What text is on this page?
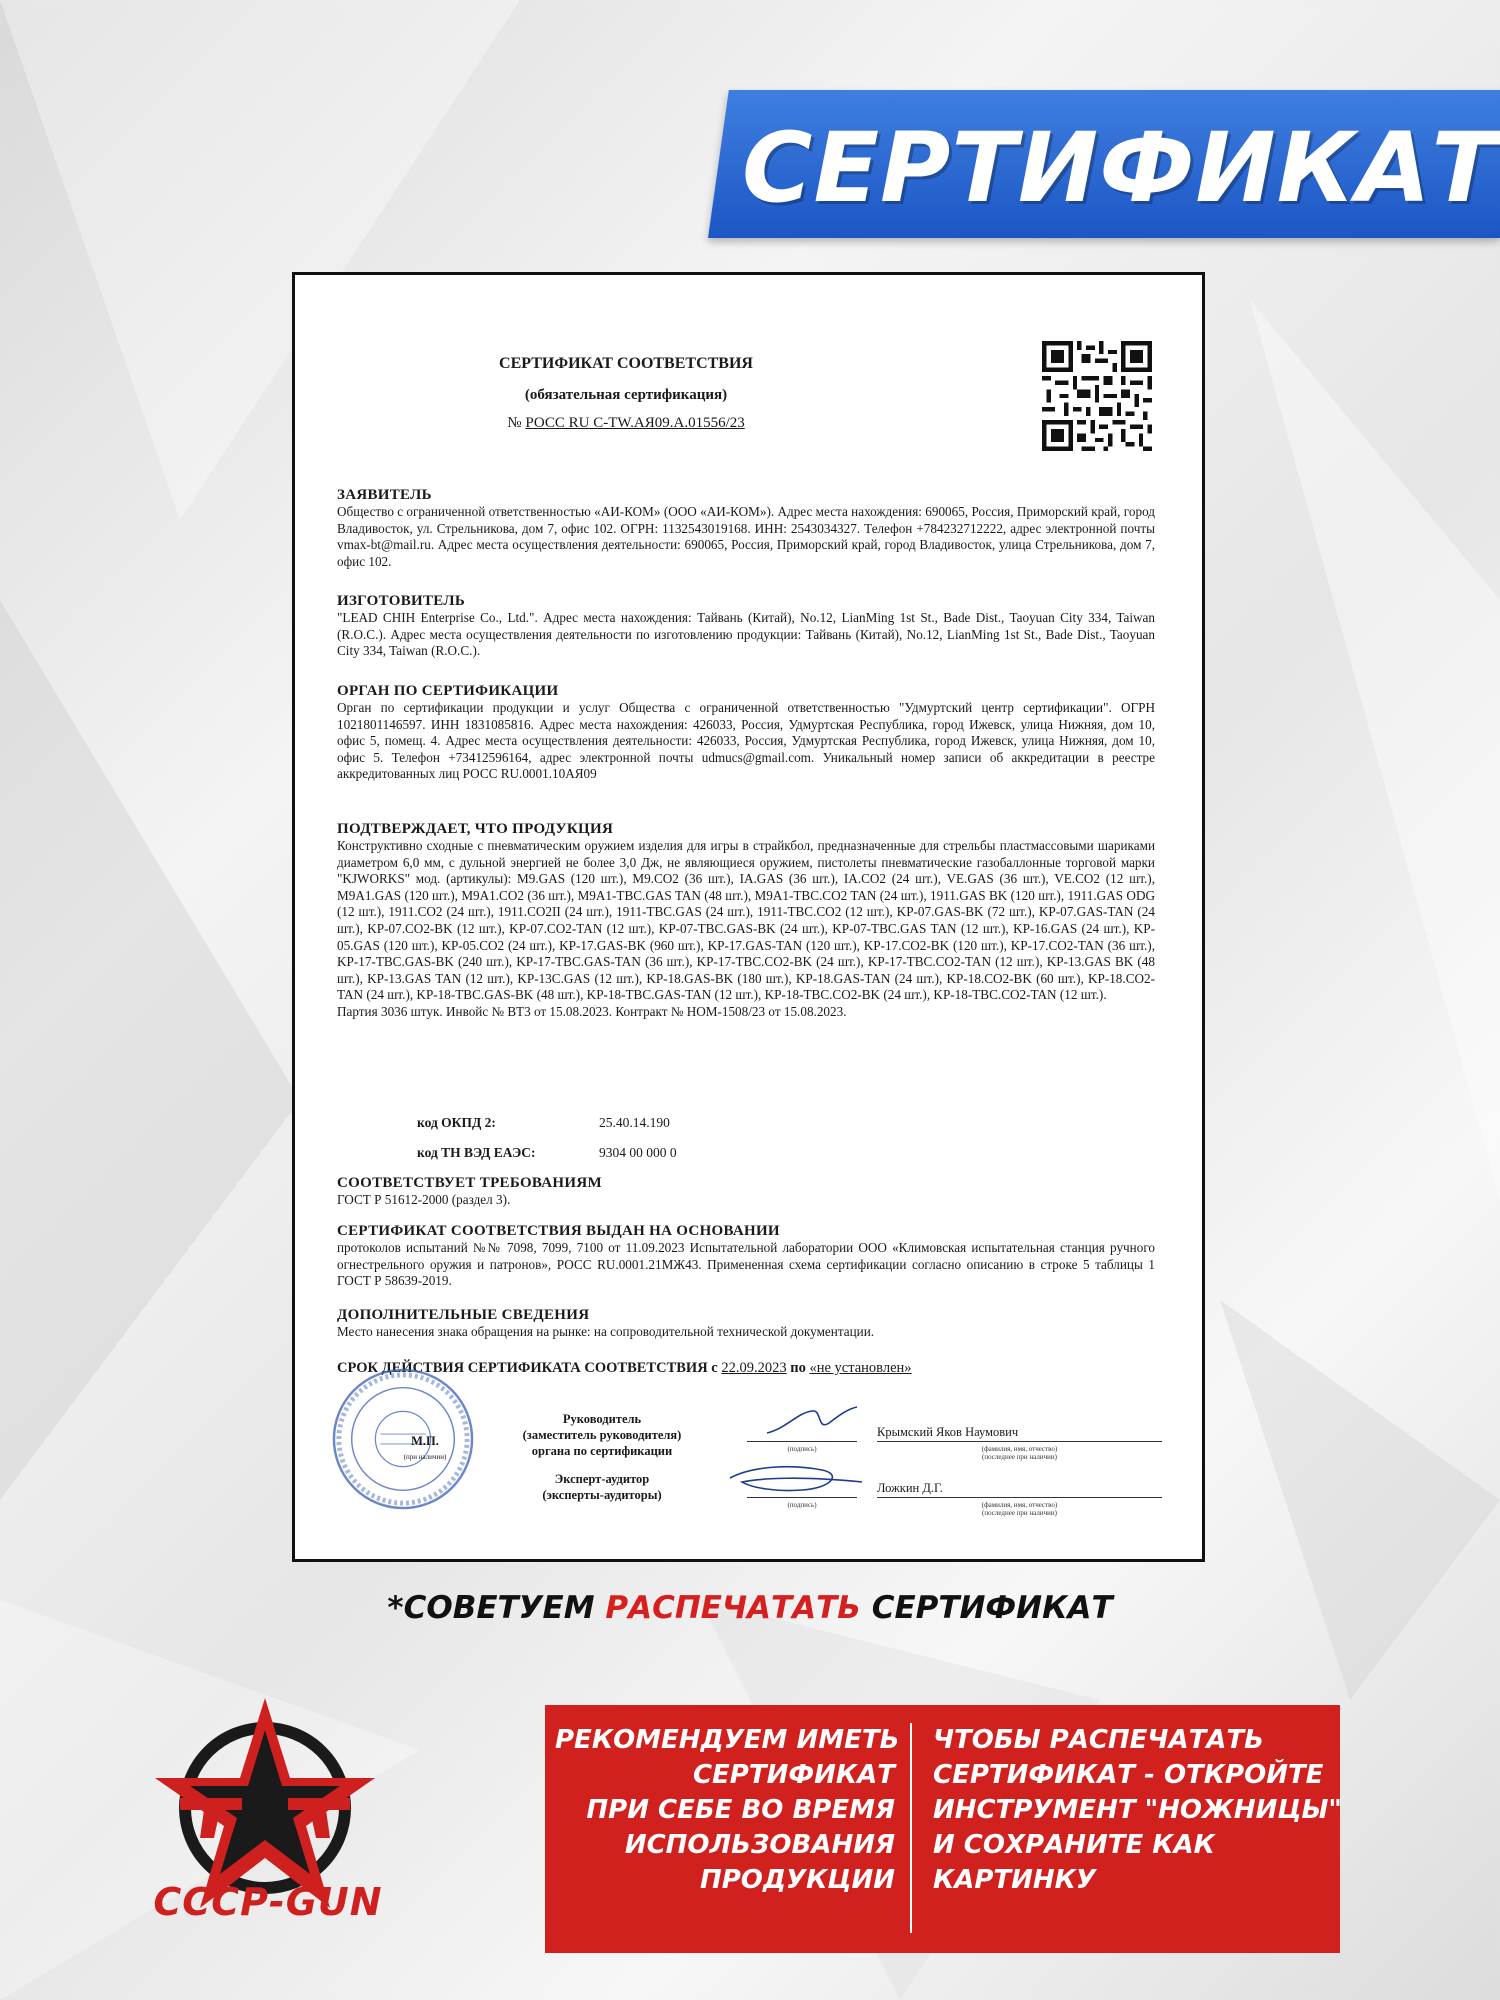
СЕРТИФИКАТ
СЕРТИФИКАТ СООТВЕТСТВИЯ
(обязательная сертификация)
№ РОСС RU С-TW.АЯ09.А.01556/23

ЗАЯВИТЕЛЬ

Общество с ограниченной ответственностью «АИ-КОМ» (ООО «АИ-КОМ»). Адрес места нахождения: 690065, Россия, Приморский край, город Владивосток, ул. Стрельникова, дом 7, офис 102. ОГРН: 1132543019168. ИНН: 2543034327. Телефон +784232712222, адрес электронной почты vmax-bt@mail.ru. Адрес места осуществления деятельности: 690065, Россия, Приморский край, город Владивосток, улица Стрельникова, дом 7, офис 102.

ИЗГОТОВИТЕЛЬ

"LEAD CHIH Enterprise Co., Ltd.". Адрес места нахождения: Тайвань (Китай), No.12, LianMing 1st St., Bade Dist., Taoyuan City 334, Taiwan (R.O.C.). Адрес места осуществления деятельности по изготовлению продукции: Тайвань (Китай), No.12, LianMing 1st St., Bade Dist., Taoyuan City 334, Taiwan (R.O.C.).

ОРГАН ПО СЕРТИФИКАЦИИ

Орган по сертификации продукции и услуг Общества с ограниченной ответственностью "Удмуртский центр сертификации". ОГРН 1021801146597. ИНН 1831085816. Адрес места нахождения: 426033, Россия, Удмуртская Республика, город Ижевск, улица Нижняя, дом 10, офис 5, помещ. 4. Адрес места осуществления деятельности: 426033, Россия, Удмуртская Республика, город Ижевск, улица Нижняя, дом 10, офис 5. Телефон +73412596164, адрес электронной почты udmucs@gmail.com. Уникальный номер записи об аккредитации в реестре аккредитованных лиц РОСС RU.0001.10АЯ09

ПОДТВЕРЖДАЕТ, ЧТО ПРОДУКЦИЯ

Конструктивно сходные с пневматическим оружием изделия для игры в страйкбол, предназначенные для стрельбы пластмассовыми шариками диаметром 6,0 мм, с дульной энергией не более 3,0 Дж, не являющиеся оружием, пистолеты пневматические газобаллонные торговой марки "KJWORKS" мод. (артикулы): M9.GAS (120 шт.), M9.CO2 (36 шт.), IA.GAS (36 шт.), IA.CO2 (24 шт.), VE.GAS (36 шт.), VE.CO2 (12 шт.), M9A1.GAS (120 шт.), M9A1.CO2 (36 шт.), M9A1-TBC.GAS TAN (48 шт.), M9A1-TBC.CO2 TAN (24 шт.), 1911.GAS BK (120 шт.), 1911.GAS ODG (12 шт.), 1911.CO2 (24 шт.), 1911.CO2II (24 шт.), 1911-TBC.GAS (24 шт.), 1911-TBC.CO2 (12 шт.), KP-07.GAS-BK (72 шт.), KP-07.GAS-TAN (24 шт.), KP-07.CO2-BK (12 шт.), KP-07.CO2-TAN (12 шт.), KP-07-TBC.GAS-BK (24 шт.), KP-07-TBC.GAS TAN (12 шт.), KP-16.GAS (24 шт.), KP-05.GAS (120 шт.), KP-05.CO2 (24 шт.), KP-17.GAS-BK (960 шт.), KP-17.GAS-TAN (120 шт.), KP-17.CO2-BK (120 шт.), KP-17.CO2-TAN (36 шт.), KP-17-TBC.GAS-BK (240 шт.), KP-17-TBC.GAS-TAN (36 шт.), KP-17-TBC.CO2-BK (24 шт.), KP-17-TBC.CO2-TAN (12 шт.), KP-13.GAS BK (48 шт.), KP-13.GAS TAN (12 шт.), KP-13C.GAS (12 шт.), KP-18.GAS-BK (180 шт.), KP-18.GAS-TAN (24 шт.), KP-18.CO2-BK (60 шт.), KP-18.CO2-TAN (24 шт.), KP-18-TBC.GAS-BK (48 шт.), KP-18-TBC.GAS-TAN (12 шт.), KP-18-TBC.CO2-BK (24 шт.), KP-18-TBC.CO2-TAN (12 шт.).

Партия 3036 штук. Инвойс № ВТ3 от 15.08.2023. Контракт № НОМ-1508/23 от 15.08.2023.

код ОКПД 2:	25.40.14.190
код ТН ВЭД ЕАЭС:	9304 00 000 0

СООТВЕТСТВУЕТ ТРЕБОВАНИЯМ

ГОСТ Р 51612-2000 (раздел 3).

СЕРТИФИКАТ СООТВЕТСТВИЯ ВЫДАН НА ОСНОВАНИИ

протоколов испытаний №№ 7098, 7099, 7100 от 11.09.2023 Испытательной лаборатории ООО «Климовская испытательная станция ручного огнестрельного оружия и патронов», РОСС RU.0001.21МЖ43. Примененная схема сертификации согласно описанию в строке 5 таблицы 1 ГОСТ Р 58639-2019.

ДОПОЛНИТЕЛЬНЫЕ СВЕДЕНИЯ

Место нанесения знака обращения на рынке: на сопроводительной технической документации.

СРОК ДЕЙСТВИЯ СЕРТИФИКАТА СООТВЕТСТВИЯ с 22.09.2023 по «не установлен»
Руководитель
(заместитель руководителя)
органа по сертификации
М.П.
(при наличии)
Эксперт-аудитор
(эксперты-аудиторы)
(подпись)
Крымский Яков Наумович
(фамилия, имя, отчество)
(последнее при наличии)
(подпись)
Ложкин Д.Г.
(фамилия, имя, отчество)
(последнее при наличии)
*СОВЕТУЕМ РАСПЕЧАТАТЬ СЕРТИФИКАТ
СССР-GUN
РЕКОМЕНДУЕМ ИМЕТЬ
СЕРТИФИКАТ
ПРИ СЕБЕ ВО ВРЕМЯ
ИСПОЛЬЗОВАНИЯ
ПРОДУКЦИИ
ЧТОБЫ РАСПЕЧАТАТЬ
СЕРТИФИКАТ - ОТКРОЙТЕ
ИНСТРУМЕНТ "НОЖНИЦЫ"
И СОХРАНИТЕ КАК
КАРТИНКУ
